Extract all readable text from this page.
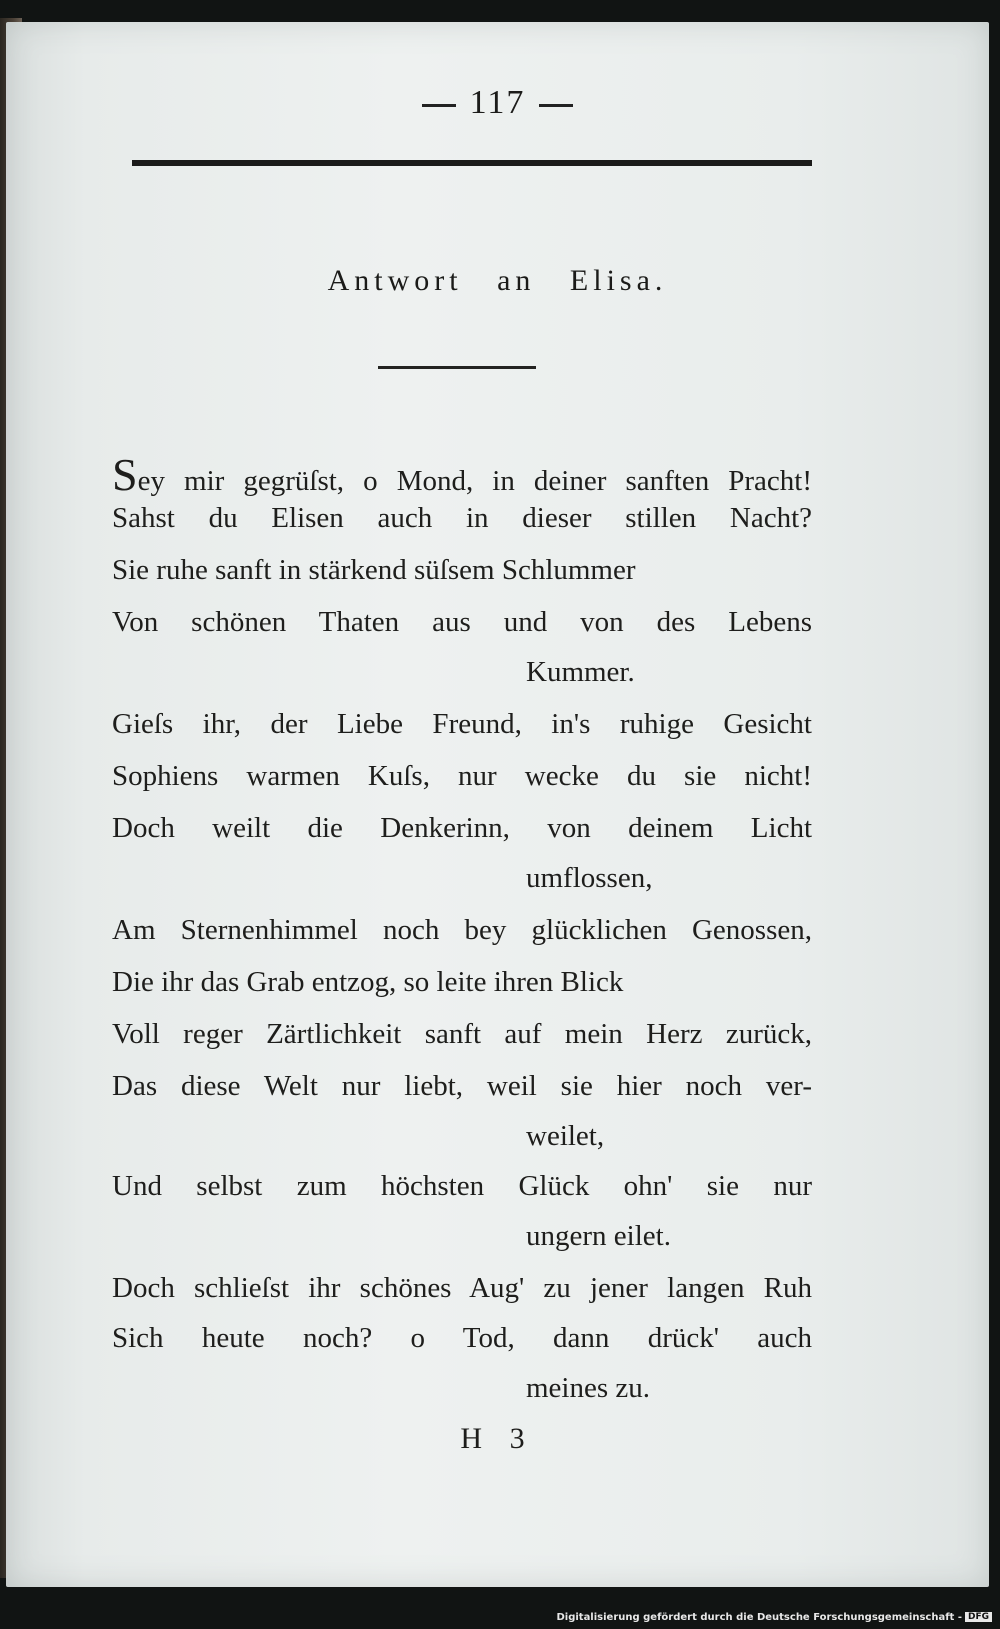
117
Antwort an Elisa.
Sey mir gegrüſst, o Mond, in deiner sanften Pracht!
Sahst du Elisen auch in dieser stillen Nacht?
Sie ruhe sanft in stärkend süſsem Schlummer
Von schönen Thaten aus und von des Lebens
Kummer.
Gieſs ihr, der Liebe Freund, in's ruhige Gesicht
Sophiens warmen Kuſs, nur wecke du sie nicht!
Doch weilt die Denkerinn, von deinem Licht
umflossen,
Am Sternenhimmel noch bey glücklichen Genossen,
Die ihr das Grab entzog, so leite ihren Blick
Voll reger Zärtlichkeit sanft auf mein Herz zurück,
Das diese Welt nur liebt, weil sie hier noch ver-
weilet,
Und selbst zum höchsten Glück ohn' sie nur
ungern eilet.
Doch schlieſst ihr schönes Aug' zu jener langen Ruh
Sich heute noch? o Tod, dann drück' auch
meines zu.
H 3
Digitalisierung gefördert durch die Deutsche Forschungsgemeinschaft - DFG
